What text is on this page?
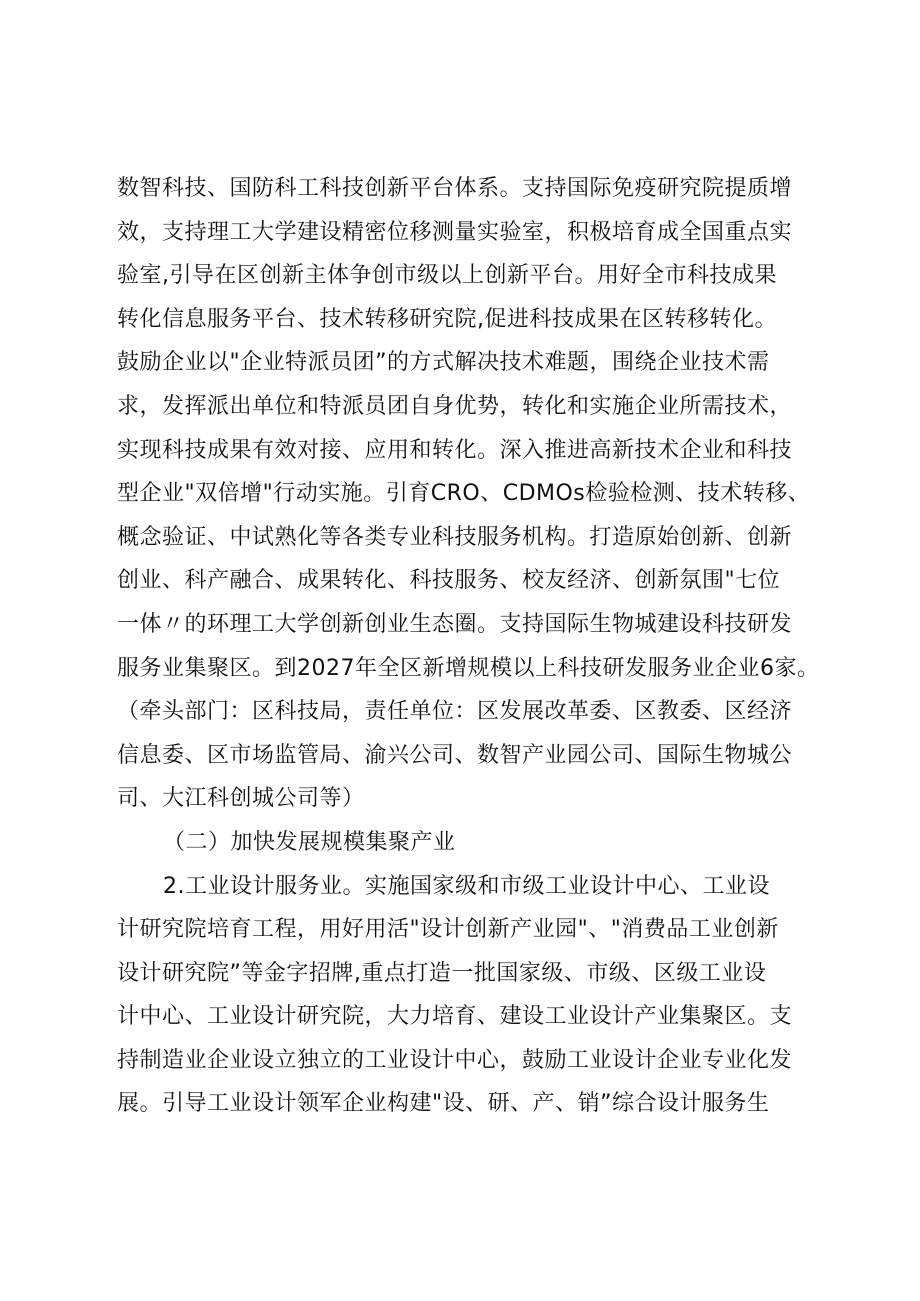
数智科技、国防科工科技创新平台体系。支持国际免疫研究院提质增
效，支持理工大学建设精密位移测量实验室，积极培育成全国重点实
验室,引导在区创新主体争创市级以上创新平台。用好全市科技成果
转化信息服务平台、技术转移研究院,促进科技成果在区转移转化。
鼓励企业以"企业特派员团”的方式解决技术难题，围绕企业技术需
求，发挥派出单位和特派员团自身优势，转化和实施企业所需技术，
实现科技成果有效对接、应用和转化。深入推进高新技术企业和科技
型企业"双倍增"行动实施。引育CRO、CDMOs检验检测、技术转移、
概念验证、中试熟化等各类专业科技服务机构。打造原始创新、创新
创业、科产融合、成果转化、科技服务、校友经济、创新氛围"七位
一体〃的环理工大学创新创业生态圈。支持国际生物城建设科技研发
服务业集聚区。到2027年全区新增规模以上科技研发服务业企业6家。
（牵头部门：区科技局，责任单位：区发展改革委、区教委、区经济
信息委、区市场监管局、渝兴公司、数智产业园公司、国际生物城公
司、大江科创城公司等）
（二）加快发展规模集聚产业
2.工业设计服务业。实施国家级和市级工业设计中心、工业设
计研究院培育工程，用好用活"设计创新产业园"、"消费品工业创新
设计研究院”等金字招牌,重点打造一批国家级、市级、区级工业设
计中心、工业设计研究院，大力培育、建设工业设计产业集聚区。支
持制造业企业设立独立的工业设计中心，鼓励工业设计企业专业化发
展。引导工业设计领军企业构建"设、研、产、销”综合设计服务生
